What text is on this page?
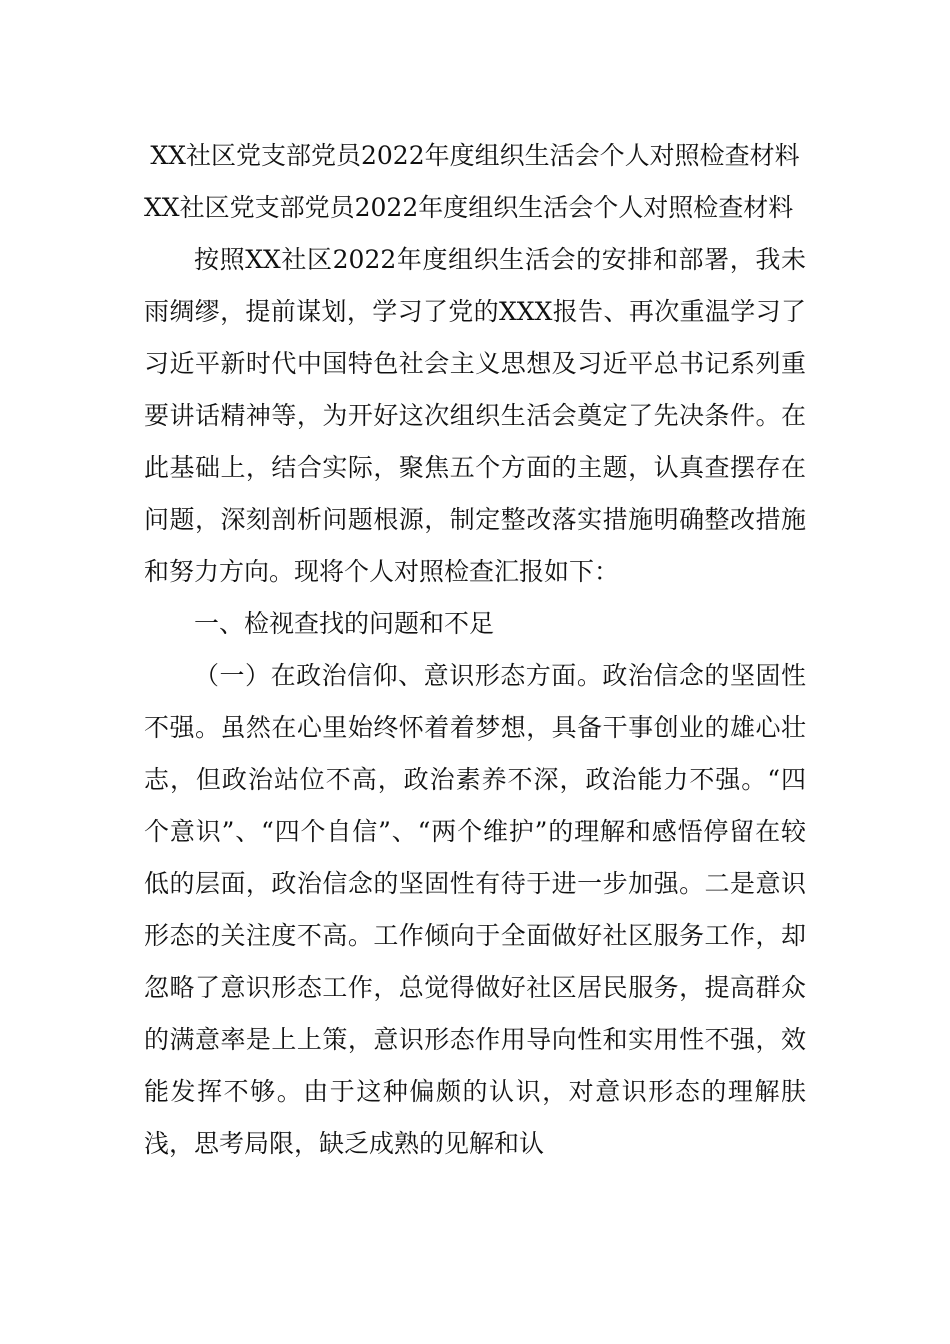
XX社区党支部党员2022年度组织生活会个人对照检查材料

XX社区党支部党员2022年度组织生活会个人对照检查材料

按照XX社区2022年度组织生活会的安排和部署，我未雨绸缪，提前谋划，学习了党的XXX报告、再次重温学习了习近平新时代中国特色社会主义思想及习近平总书记系列重要讲话精神等，为开好这次组织生活会奠定了先决条件。在此基础上，结合实际，聚焦五个方面的主题，认真查摆存在问题，深刻剖析问题根源，制定整改落实措施明确整改措施和努力方向。现将个人对照检查汇报如下：

一、检视查找的问题和不足

（一）在政治信仰、意识形态方面。政治信念的坚固性不强。虽然在心里始终怀着着梦想，具备干事创业的雄心壮志，但政治站位不高，政治素养不深，政治能力不强。“四个意识”、“四个自信”、“两个维护”的理解和感悟停留在较低的层面，政治信念的坚固性有待于进一步加强。二是意识形态的关注度不高。工作倾向于全面做好社区服务工作，却忽略了意识形态工作，总觉得做好社区居民服务，提高群众的满意率是上上策，意识形态作用导向性和实用性不强，效能发挥不够。由于这种偏颇的认识，对意识形态的理解肤浅，思考局限，缺乏成熟的见解和认
